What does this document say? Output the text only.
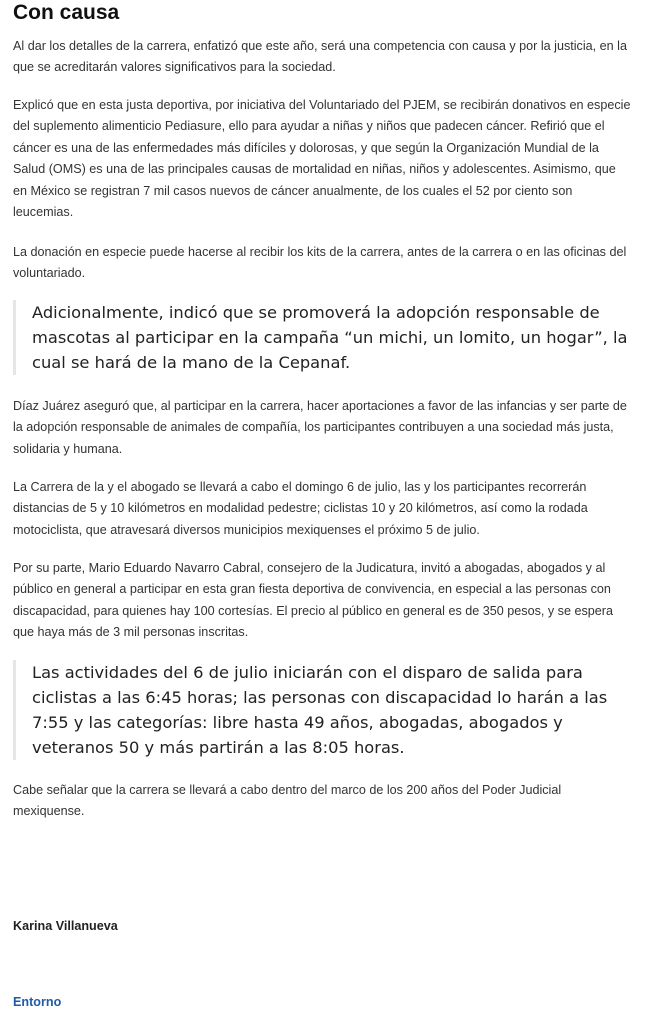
Con causa

Al dar los detalles de la carrera, enfatizó que este año, será una competencia con causa y por la justicia, en la que se acreditarán valores significativos para la sociedad.

Explicó que en esta justa deportiva, por iniciativa del Voluntariado del PJEM, se recibirán donativos en especie del suplemento alimenticio Pediasure, ello para ayudar a niñas y niños que padecen cáncer. Refirió que el cáncer es una de las enfermedades más difíciles y dolorosas, y que según la Organización Mundial de la Salud (OMS) es una de las principales causas de mortalidad en niñas, niños y adolescentes. Asimismo, que en México se registran 7 mil casos nuevos de cáncer anualmente, de los cuales el 52 por ciento son leucemias.

La donación en especie puede hacerse al recibir los kits de la carrera, antes de la carrera o en las oficinas del voluntariado.

Adicionalmente, indicó que se promoverá la adopción responsable de mascotas al participar en la campaña “un michi, un lomito, un hogar”, la cual se hará de la mano de la Cepanaf.

Díaz Juárez aseguró que, al participar en la carrera, hacer aportaciones a favor de las infancias y ser parte de la adopción responsable de animales de compañía, los participantes contribuyen a una sociedad más justa, solidaria y humana.

La Carrera de la y el abogado se llevará a cabo el domingo 6 de julio, las y los participantes recorrerán distancias de 5 y 10 kilómetros en modalidad pedestre; ciclistas 10 y 20 kilómetros, así como la rodada motociclista, que atravesará diversos municipios mexiquenses el próximo 5 de julio.

Por su parte, Mario Eduardo Navarro Cabral, consejero de la Judicatura, invitó a abogadas, abogados y al público en general a participar en esta gran fiesta deportiva de convivencia, en especial a las personas con discapacidad, para quienes hay 100 cortesías. El precio al público en general es de 350 pesos, y se espera que haya más de 3 mil personas inscritas.

Las actividades del 6 de julio iniciarán con el disparo de salida para ciclistas a las 6:45 horas; las personas con discapacidad lo harán a las 7:55 y las categorías: libre hasta 49 años, abogadas, abogados y veteranos 50 y más partirán a las 8:05 horas.

Cabe señalar que la carrera se llevará a cabo dentro del marco de los 200 años del Poder Judicial mexiquense.

Karina Villanueva

Entorno
